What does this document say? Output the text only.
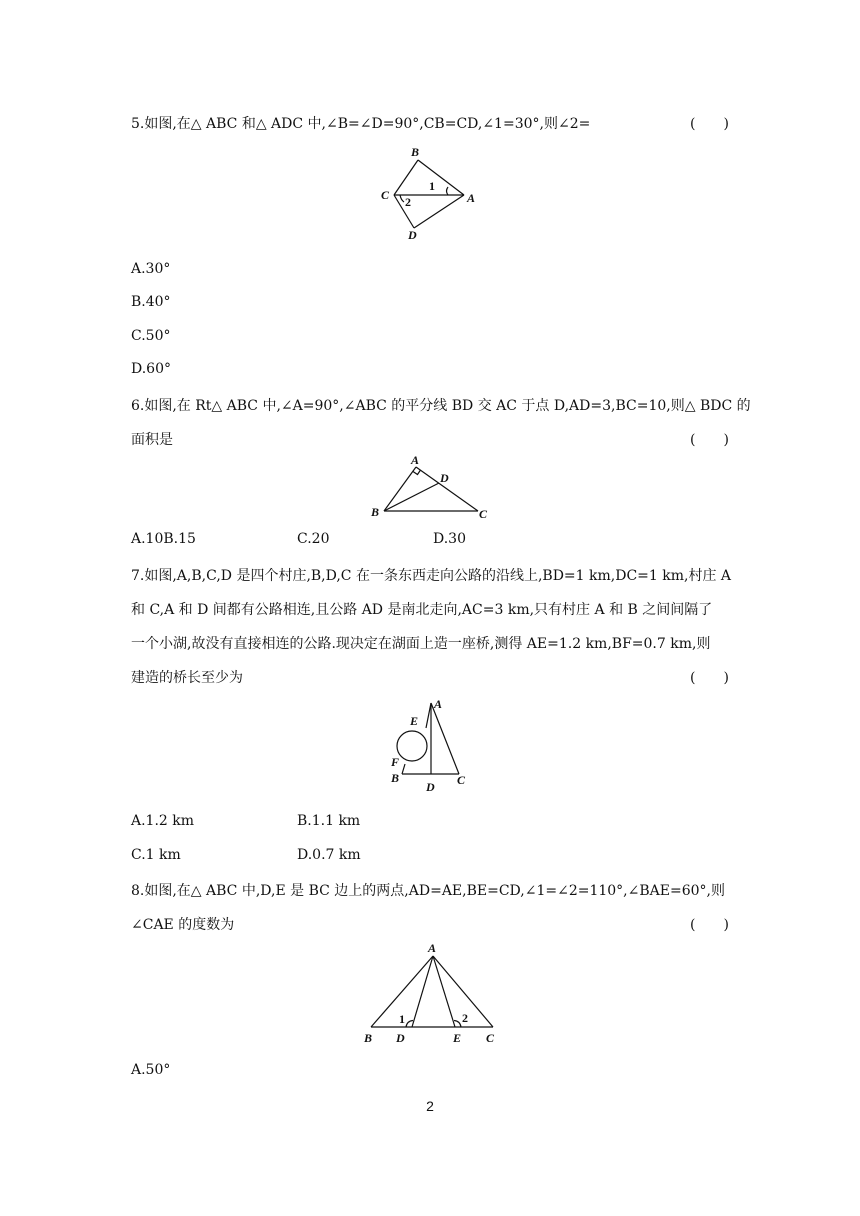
5.如图,在△ ABC 和△ ADC 中,∠B=∠D=90°,CB=CD,∠1=30°,则∠2=	(　　)
B
C	A
D
1
2
A.30°
B.40°
C.50°
D.60°
6.如图,在 Rt△ ABC 中,∠A=90°,∠ABC 的平分线 BD 交 AC 于点 D,AD=3,BC=10,则△ BDC 的
面积是	(　　)
A
D
B	C
A.10B.15	C.20	D.30
7.如图,A,B,C,D 是四个村庄,B,D,C 在一条东西走向公路的沿线上,BD=1 km,DC=1 km,村庄 A
和 C,A 和 D 间都有公路相连,且公路 AD 是南北走向,AC=3 km,只有村庄 A 和 B 之间间隔了
一个小湖,故没有直接相连的公路.现决定在湖面上造一座桥,测得 AE=1.2 km,BF=0.7 km,则
建造的桥长至少为	(　　)
E
A
F
B
D C
A.1.2 km	B.1.1 km
C.1 km	D.0.7 km
8.如图,在△ ABC 中,D,E 是 BC 边上的两点,AD=AE,BE=CD,∠1=∠2=110°,∠BAE=60°,则
∠CAE 的度数为	(　　)
A
B D	E C
1	2
A.50°
2
